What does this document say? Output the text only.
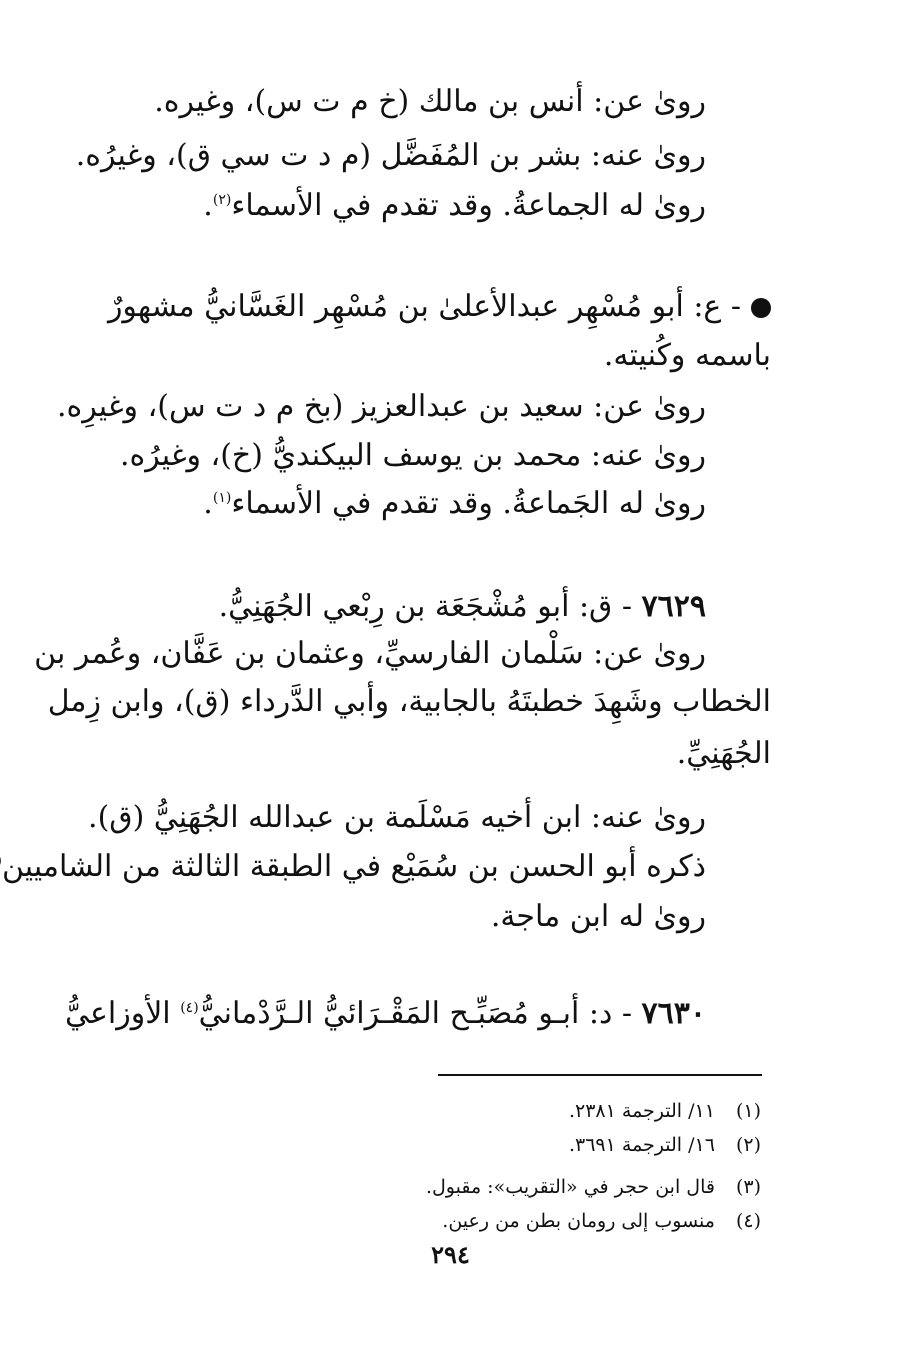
روىٰ عن: أنس بن مالك (خ م ت س)، وغيره.
روىٰ عنه: بشر بن المُفَضَّل (م د ت سي ق)، وغيرُه.
روىٰ له الجماعةُ. وقد تقدم في الأسماء$^{(٢)}$.
- ع: أبو مُسْهِر عبدالأعلىٰ بن مُسْهِر الغَسَّانيُّ مشهورٌ
باسمه وكُنيته.
روىٰ عن: سعيد بن عبدالعزيز (بخ م د ت س)، وغيرِه.
روىٰ عنه: محمد بن يوسف البيكنديُّ (خ)، وغيرُه.
روىٰ له الجَماعةُ. وقد تقدم في الأسماء$^{(١)}$.
٧٦٢٩ - ق: أبو مُشْجَعَة بن رِبْعي الجُهَنِيُّ.
روىٰ عن: سَلْمان الفارسيِّ، وعثمان بن عَفَّان، وعُمر بن
الخطاب وشَهِدَ خطبتَهُ بالجابية، وأبي الدَّرداء (ق)، وابن زِمل
الجُهَنِيِّ.
روىٰ عنه: ابن أخيه مَسْلَمة بن عبدالله الجُهَنِيُّ (ق).
ذكره أبو الحسن بن سُمَيْع في الطبقة الثالثة من الشاميين
روىٰ له ابن ماجة.
٧٦٣٠ - د: أبـو مُصَبِّـح المَقْـرَائيُّ الـرَّدْمانيُّ$^{(٤)}$ الأوزاعيُّ
(١) ١١/ الترجمة ٢٣٨١.
(٢) ١٦/ الترجمة ٣٦٩١.
(٣) قال ابن حجر في «التقريب»: مقبول.
(٤) منسوب إلى رومان بطن من رعين.
٢٩٤
